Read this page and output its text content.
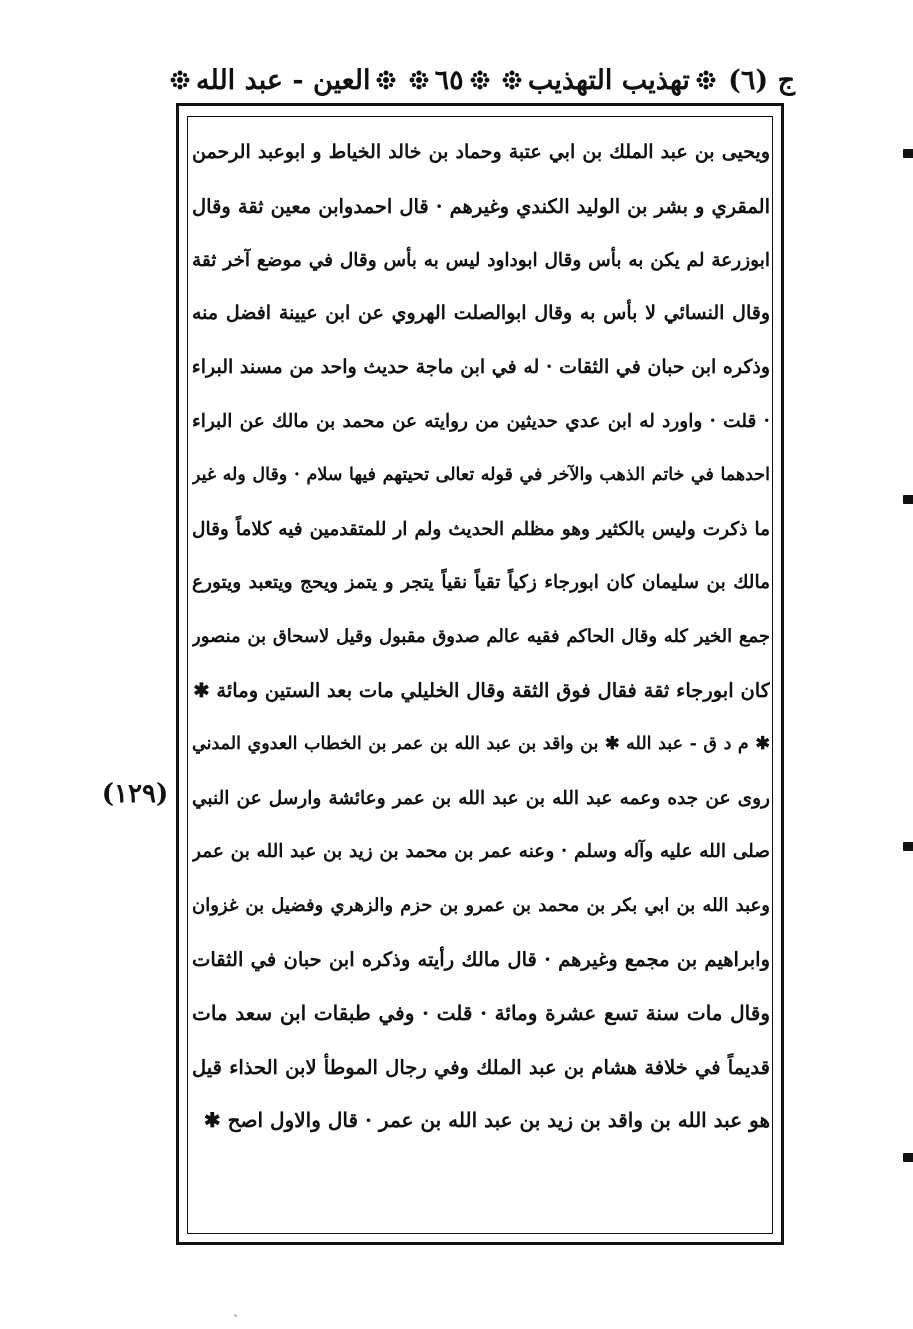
ج (٦)
تهذيب التهذيب
٦٥
العين - عبد الله
ويحيى بن عبد الملك بن ابي عتبة وحماد بن خالد الخياط و ابوعبد الرحمن
المقري و بشر بن الوليد الكندي وغيرهم · قال احمدوابن معين ثقة وقال
ابوزرعة لم يكن به بأس وقال ابوداود ليس به بأس وقال في موضع آخر ثقة
وقال النسائي لا بأس به وقال ابوالصلت الهروي عن ابن عيينة افضل منه
وذكره ابن حبان في الثقات · له في ابن ماجة حديث واحد من مسند البراء
· قلت · واورد له ابن عدي حديثين من روايته عن محمد بن مالك عن البراء
احدهما في خاتم الذهب والآخر في قوله تعالى تحيتهم فيها سلام · وقال وله غير
ما ذكرت وليس بالكثير وهو مظلم الحديث ولم ار للمتقدمين فيه كلاماً وقال
مالك بن سليمان كان ابورجاء زكياً تقياً نقياً يتجر و يتمز ويحج ويتعبد ويتورع
جمع الخير كله وقال الحاكم فقيه عالم صدوق مقبول وقيل لاسحاق بن منصور
كان ابورجاء ثقة فقال فوق الثقة وقال الخليلي مات بعد الستين ومائة ✱
✱ م د ق - عبد الله ✱ بن واقد بن عبد الله بن عمر بن الخطاب العدوي المدني
روى عن جده وعمه عبد الله بن عبد الله بن عمر وعائشة وارسل عن النبي
صلى الله عليه وآله وسلم · وعنه عمر بن محمد بن زيد بن عبد الله بن عمر
وعبد الله بن ابي بكر بن محمد بن عمرو بن حزم والزهري وفضيل بن غزوان
وابراهيم بن مجمع وغيرهم · قال مالك رأيته وذكره ابن حبان في الثقات
وقال مات سنة تسع عشرة ومائة · قلت · وفي طبقات ابن سعد مات
قديماً في خلافة هشام بن عبد الملك وفي رجال الموطأ لابن الحذاء قيل
هو عبد الله بن واقد بن زيد بن عبد الله بن عمر · قال والاول اصح ✱
(١٢٩)
